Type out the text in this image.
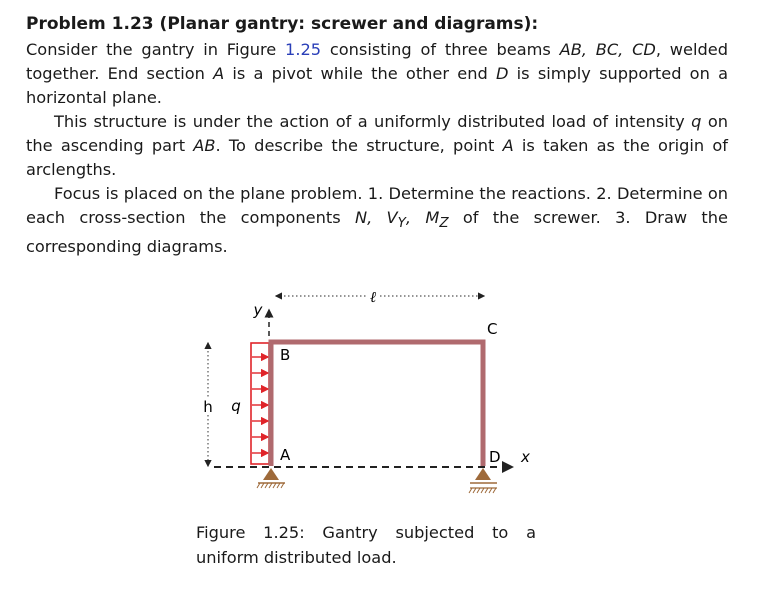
Problem 1.23 (Planar gantry: screwer and diagrams):

Consider the gantry in Figure 1.25 consisting of three beams AB, BC, CD, welded together. End section A is a pivot while the other end D is simply supported on a horizontal plane.

This structure is under the action of a uniformly distributed load of intensity q on the ascending part AB. To describe the structure, point A is taken as the origin of arclengths.

Focus is placed on the plane problem. 1. Determine the reactions. 2. Determine on each cross-section the components N, $V_Y$, $M_Z$ of the screwer. 3. Draw the corresponding diagrams.

ℓ
h
y
q
B
C
A	D x
Figure 1.25: Gantry subjected to a uniform distributed load.
